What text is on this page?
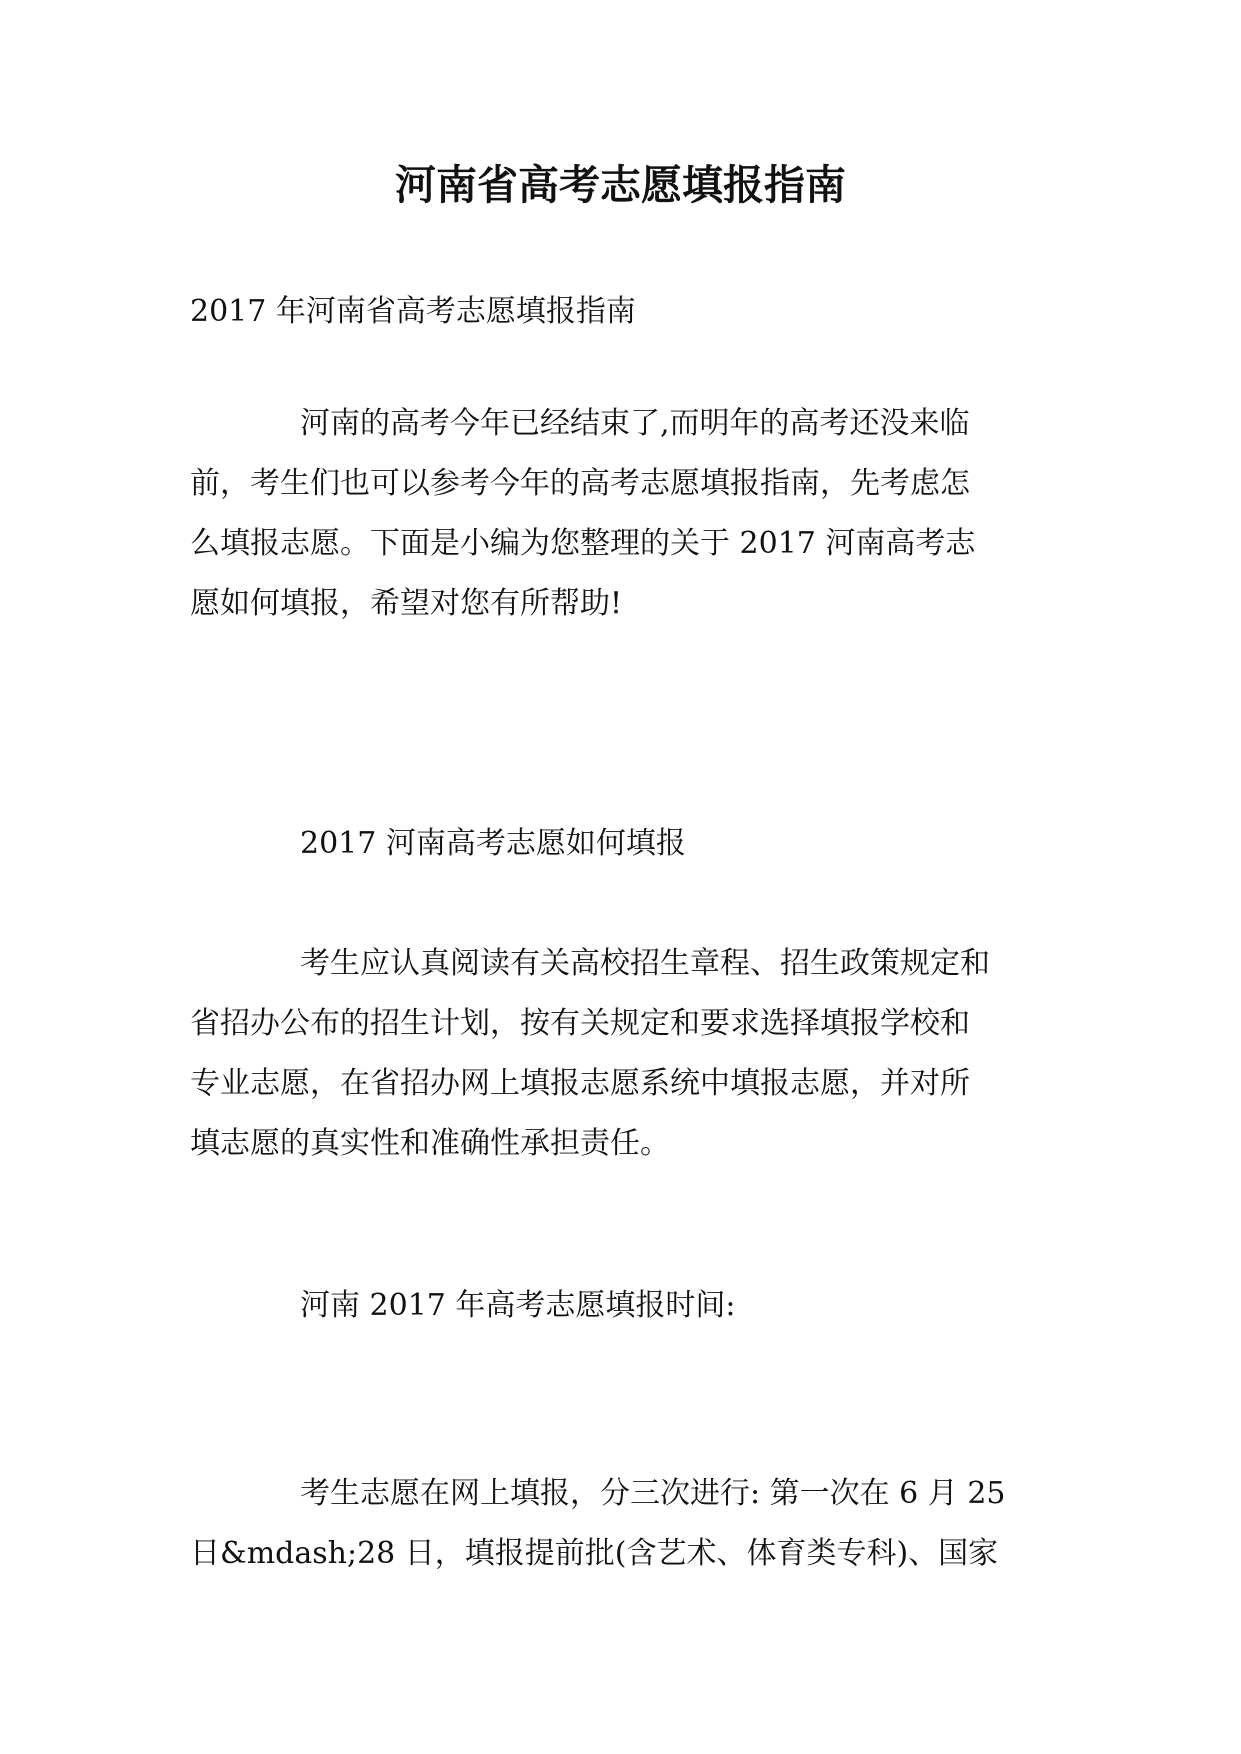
河南省高考志愿填报指南

2017 年河南省高考志愿填报指南

河南的高考今年已经结束了,而明年的高考还没来临

前，考生们也可以参考今年的高考志愿填报指南，先考虑怎

么填报志愿。下面是小编为您整理的关于 2017 河南高考志

愿如何填报，希望对您有所帮助!

2017 河南高考志愿如何填报

考生应认真阅读有关高校招生章程、招生政策规定和

省招办公布的招生计划，按有关规定和要求选择填报学校和

专业志愿，在省招办网上填报志愿系统中填报志愿，并对所

填志愿的真实性和准确性承担责任。

河南 2017 年高考志愿填报时间:

考生志愿在网上填报，分三次进行: 第一次在 6 月 25

日&mdash;28 日，填报提前批(含艺术、体育类专科)、国家
